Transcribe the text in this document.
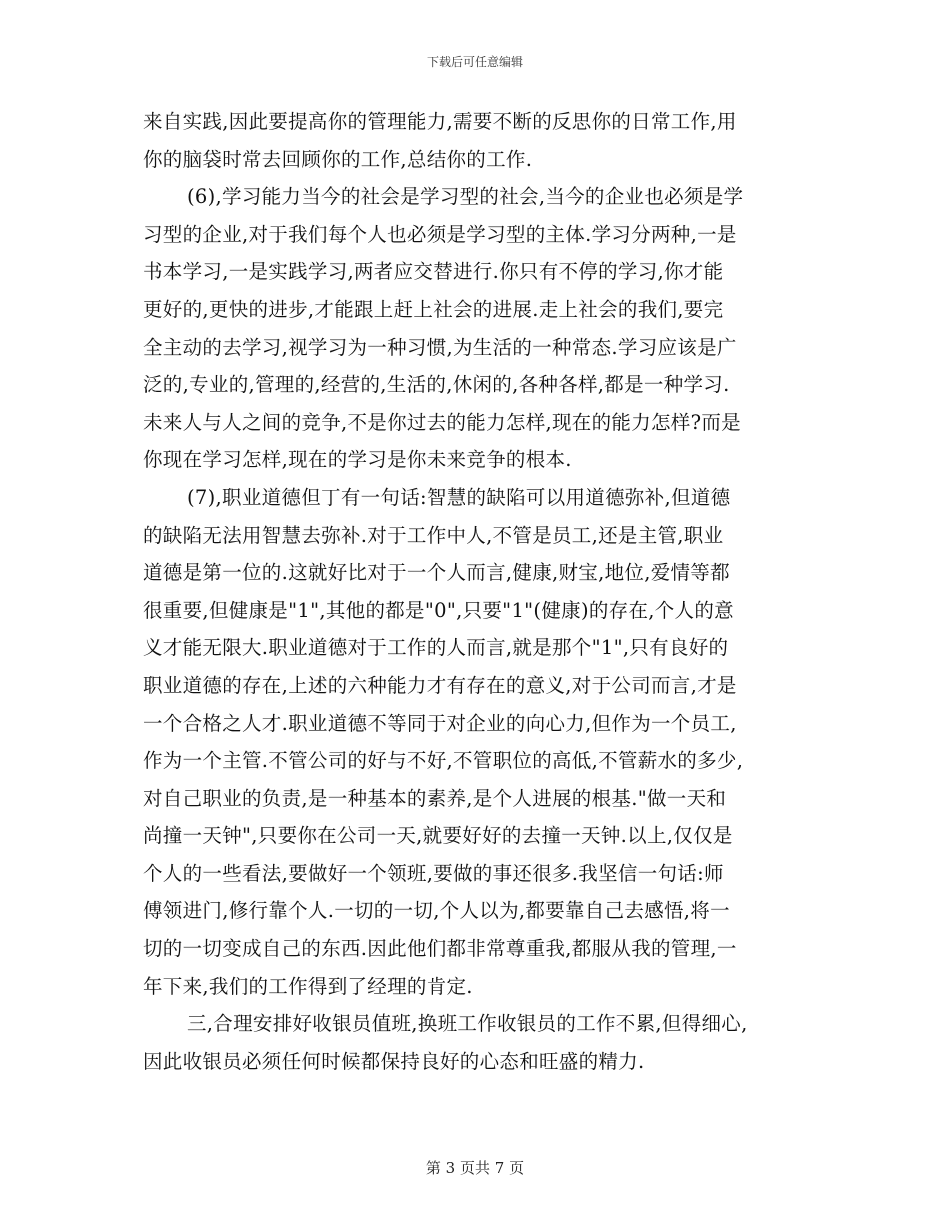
下载后可任意编辑

来自实践,因此要提高你的管理能力,需要不断的反思你的日常工作,用
你的脑袋时常去回顾你的工作,总结你的工作.

(6),学习能力当今的社会是学习型的社会,当今的企业也必须是学
习型的企业,对于我们每个人也必须是学习型的主体.学习分两种,一是
书本学习,一是实践学习,两者应交替进行.你只有不停的学习,你才能
更好的,更快的进步,才能跟上赶上社会的进展.走上社会的我们,要完
全主动的去学习,视学习为一种习惯,为生活的一种常态.学习应该是广
泛的,专业的,管理的,经营的,生活的,休闲的,各种各样,都是一种学习.
未来人与人之间的竞争,不是你过去的能力怎样,现在的能力怎样?而是
你现在学习怎样,现在的学习是你未来竞争的根本.

(7),职业道德但丁有一句话:智慧的缺陷可以用道德弥补,但道德
的缺陷无法用智慧去弥补.对于工作中人,不管是员工,还是主管,职业
道德是第一位的.这就好比对于一个人而言,健康,财宝,地位,爱情等都
很重要,但健康是"1",其他的都是"0",只要"1"(健康)的存在,个人的意
义才能无限大.职业道德对于工作的人而言,就是那个"1",只有良好的
职业道德的存在,上述的六种能力才有存在的意义,对于公司而言,才是
一个合格之人才.职业道德不等同于对企业的向心力,但作为一个员工,
作为一个主管.不管公司的好与不好,不管职位的高低,不管薪水的多少,
对自己职业的负责,是一种基本的素养,是个人进展的根基."做一天和
尚撞一天钟",只要你在公司一天,就要好好的去撞一天钟.以上,仅仅是
个人的一些看法,要做好一个领班,要做的事还很多.我坚信一句话:师
傅领进门,修行靠个人.一切的一切,个人以为,都要靠自己去感悟,将一
切的一切变成自己的东西.因此他们都非常尊重我,都服从我的管理,一
年下来,我们的工作得到了经理的肯定.

三,合理安排好收银员值班,换班工作收银员的工作不累,但得细心,
因此收银员必须任何时候都保持良好的心态和旺盛的精力.

第 3 页共 7 页
